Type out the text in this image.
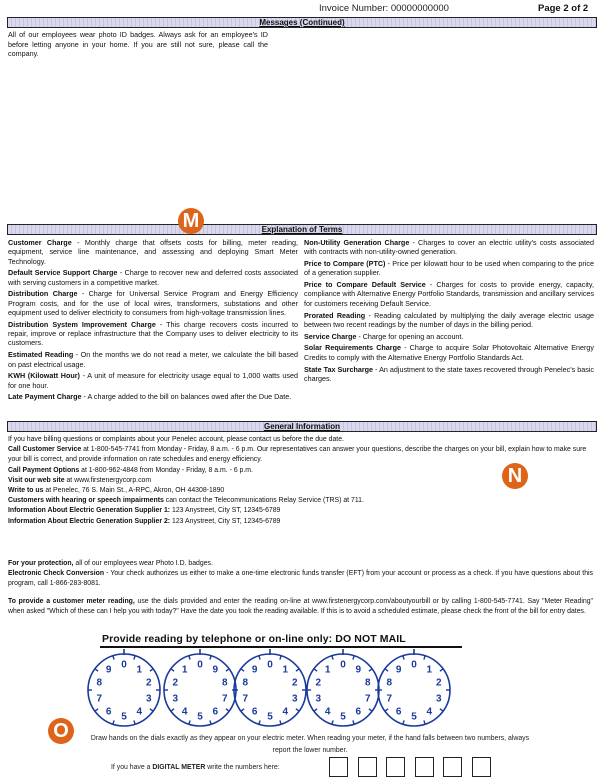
Invoice Number: 00000000000	Page 2 of 2
Messages (Continued)
All of our employees wear photo ID badges. Always ask for an employee's ID before letting anyone in your home. If you are still not sure, please call the company.
Explanation of Terms
M
Customer Charge - Monthly charge that offsets costs for billing, meter reading, equipment, service line maintenance, and assessing and deploying Smart Meter Technology.
Default Service Support Charge - Charge to recover new and deferred costs associated with serving customers in a competitive market.
Distribution Charge - Charge for Universal Service Program and Energy Efficiency Program costs, and for the use of local wires, transformers, substations and other equipment used to deliver electricity to consumers from high-voltage transmission lines.
Distribution System Improvement Charge - This charge recovers costs incurred to repair, improve or replace infrastructure that the Company uses to deliver electricity to its customers.
Estimated Reading - On the months we do not read a meter, we calculate the bill based on past electrical usage.
KWH (Kilowatt Hour) - A unit of measure for electricity usage equal to 1,000 watts used for one hour.
Late Payment Charge - A charge added to the bill on balances owed after the Due Date.
Non-Utility Generation Charge - Charges to cover an electric utility's costs associated with contracts with non-utility-owned generation.
Price to Compare (PTC) - Price per kilowatt hour to be used when comparing to the price of a generation supplier.
Price to Compare Default Service - Charges for costs to provide energy, capacity, compliance with Alternative Energy Portfolio Standards, transmission and ancillary services for customers receiving Default Service.
Prorated Reading - Reading calculated by multiplying the daily average electric usage between two recent readings by the number of days in the billing period.
Service Charge - Charge for opening an account.
Solar Requirements Charge - Charge to acquire Solar Photovoltaic Alternative Energy Credits to comply with the Alternative Energy Portfolio Standards Act.
State Tax Surcharge - An adjustment to the state taxes recovered through Penelec's basic charges.
General Information
N
If you have billing questions or complaints about your Penelec account, please contact us before the due date.
Call Customer Service at 1-800-545-7741 from Monday - Friday, 8 a.m. - 6 p.m. Our representatives can answer your questions, describe the charges on your bill, explain how to make sure your bill is correct, and provide information on rate schedules and energy efficiency.
Call Payment Options at 1-800-962-4848 from Monday - Friday, 8 a.m. - 6 p.m.
Visit our web site at www.firstenergycorp.com
Write to us at Penelec, 76 S. Main St., A-RPC, Akron, OH 44308-1890
Customers with hearing or speech impairments can contact the Telecommunications Relay Service (TRS) at 711.
Information About Electric Generation Supplier 1: 123 Anystreet, City ST, 12345-6789
Information About Electric Generation Supplier 2: 123 Anystreet, City ST, 12345-6789
For your protection, all of our employees wear Photo I.D. badges.
Electronic Check Conversion - Your check authorizes us either to make a one-time electronic funds transfer (EFT) from your account or process as a check. If you have questions about this program, call 1-866-283-8081.
To provide a customer meter reading, use the dials provided and enter the reading on-line at www.firstenergycorp.com/aboutyourbill or by calling 1-800-545-7741. Say "Meter Reading" when asked "Which of these can I help you with today?" Have the date you took the reading available. If this is to avoid a scheduled estimate, please check the front of the bill for entry dates.
Provide reading by telephone or on-line only: DO NOT MAIL
0 1
2
3
4
5
6
7
8
9	0 9
8
7
6
5
4
3
2
1	0 1
2
3
4
5
6
7
8
9	0 9
8
7
6
5
4
3
2
1	0 1
2
3
4
5
6
7
8
9
O	Draw hands on the dials exactly as they appear on your electric meter. When reading your meter, if the hand falls between two numbers, always report the lower number.
If you have a DIGITAL METER write the numbers here:
